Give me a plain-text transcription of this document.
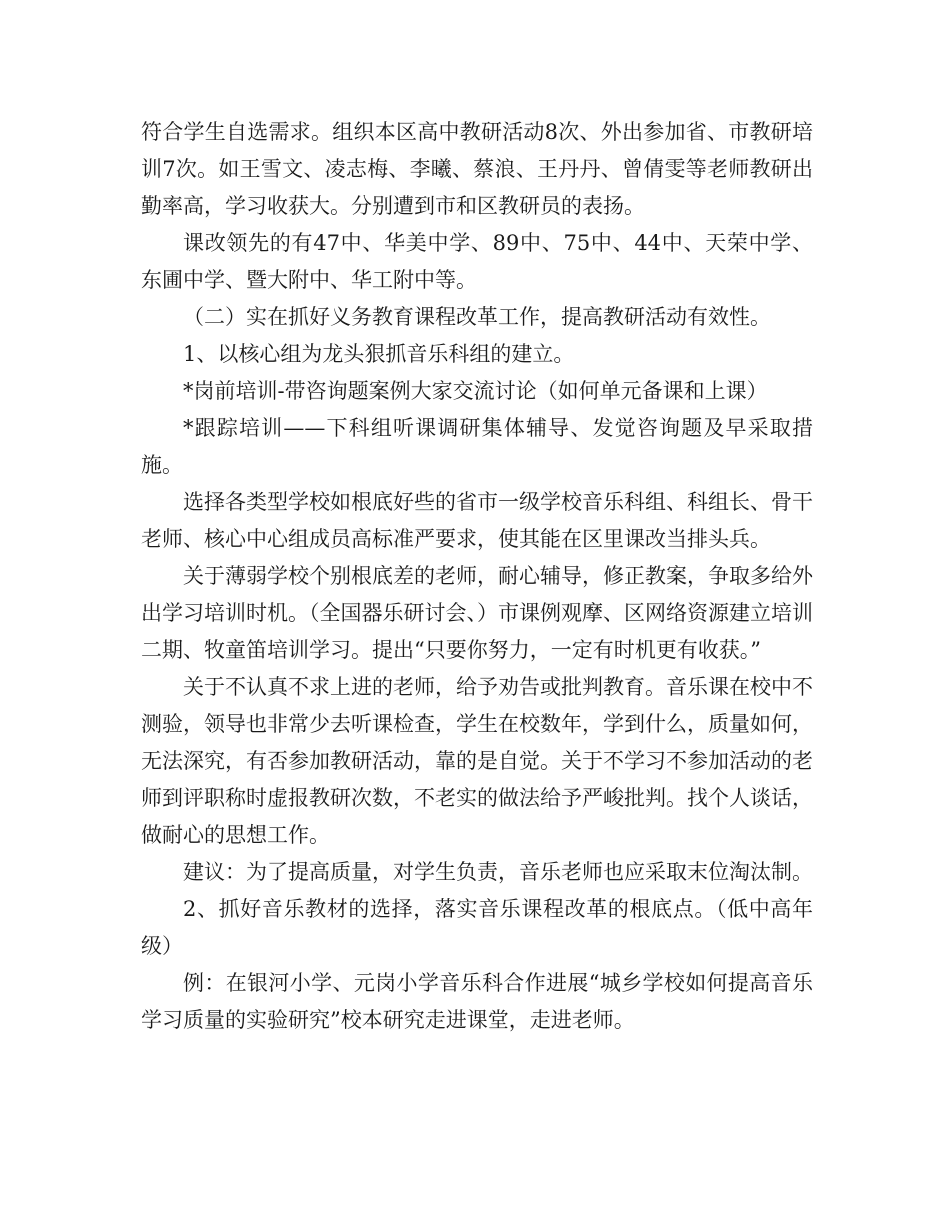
符合学生自选需求。组织本区高中教研活动8次、外出参加省、市教研培训7次。如王雪文、凌志梅、李曦、蔡浪、王丹丹、曾倩雯等老师教研出勤率高，学习收获大。分别遭到市和区教研员的表扬。

课改领先的有47中、华美中学、89中、75中、44中、天荣中学、东圃中学、暨大附中、华工附中等。

（二）实在抓好义务教育课程改革工作，提高教研活动有效性。

1、以核心组为龙头狠抓音乐科组的建立。

*岗前培训-带咨询题案例大家交流讨论（如何单元备课和上课）

*跟踪培训——下科组听课调研集体辅导、发觉咨询题及早采取措施。

选择各类型学校如根底好些的省市一级学校音乐科组、科组长、骨干老师、核心中心组成员高标准严要求，使其能在区里课改当排头兵。

关于薄弱学校个别根底差的老师，耐心辅导，修正教案，争取多给外出学习培训时机。（全国器乐研讨会、）市课例观摩、区网络资源建立培训二期、牧童笛培训学习。提出“只要你努力，一定有时机更有收获。”

关于不认真不求上进的老师，给予劝告或批判教育。音乐课在校中不测验，领导也非常少去听课检查，学生在校数年，学到什么，质量如何，无法深究，有否参加教研活动，靠的是自觉。关于不学习不参加活动的老师到评职称时虚报教研次数，不老实的做法给予严峻批判。找个人谈话，做耐心的思想工作。

建议：为了提高质量，对学生负责，音乐老师也应采取末位淘汰制。

2、抓好音乐教材的选择，落实音乐课程改革的根底点。（低中高年级）

例：在银河小学、元岗小学音乐科合作进展“城乡学校如何提高音乐学习质量的实验研究”校本研究走进课堂，走进老师。
